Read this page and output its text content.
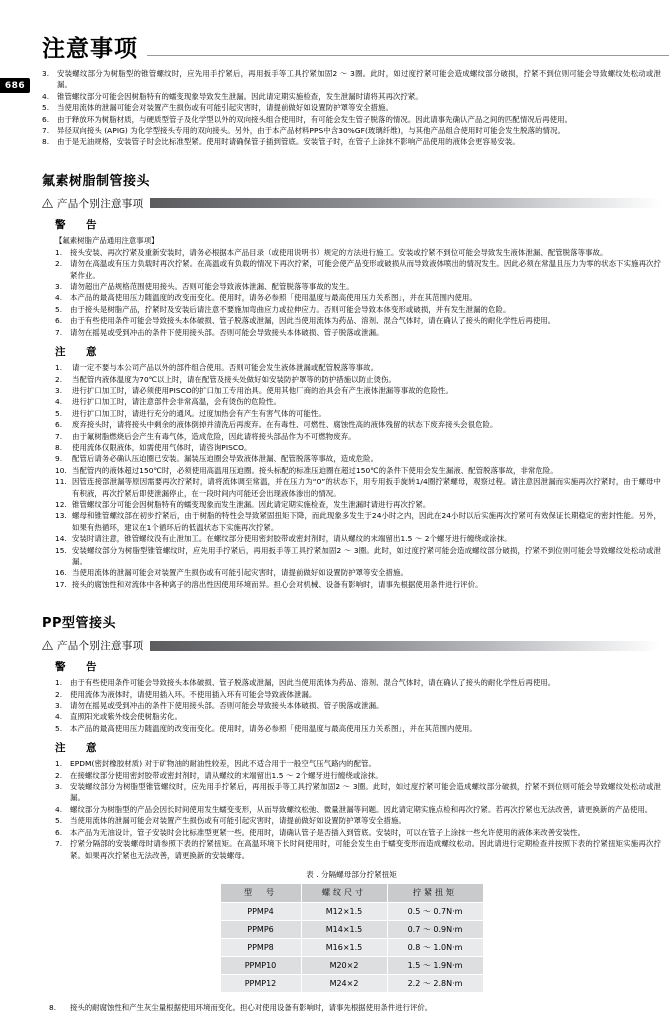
686
注意事项
3.	安装螺纹部分为树脂型的锥管螺纹时，应先用手拧紧后，再用扳手等工具拧紧加固2 ～ 3圈。此时，如过度拧紧可能会造成螺纹部分破损，拧紧不到位则可能会导致螺纹处松动或泄漏。
4.	锥管螺纹部分可能会因树脂特有的蠕变现象导致发生泄漏。因此请定期实施检查，发生泄漏时请将其再次拧紧。
5.	当使用流体的泄漏可能会对装置产生损伤或有可能引起灾害时，请提前做好如设置防护罩等安全措施。
6.	由于释放环为树脂材质，与硬质型管子及化学型以外的双向接头组合使用时，有可能会发生管子脱落的情况。因此请事先确认产品之间的匹配情况后再使用。
7.	异径双向接头 (APIG) 为化学型接头专用的双向接头。另外，由于本产品材料PPS中含30%GF(玻璃纤维)，与其他产品组合使用时可能会发生脱落的情况。
8.	由于是无油规格，安装管子时会比标准型紧。使用时请确保管子插到管底。安装管子时，在管子上涂抹不影响产品使用的液体会更容易安装。
氟素树脂制管接头
产品个别注意事项
警　告
【氟素树脂产品通用注意事项】
1.	接头安装、再次拧紧及重新安装时，请务必根据本产品目录（或使用说明书）规定的方法进行施工。安装或拧紧不到位可能会导致发生液体泄漏、配管脱落等事故。
2.	请勿在高温或有压力负载时再次拧紧。在高温或有负载的情况下再次拧紧，可能会使产品变形或破损从而导致液体喷出的情况发生。因此必须在常温且压力为零的状态下实施再次拧紧作业。
3.	请勿超出产品规格范围使用接头。否则可能会导致液体泄漏、配管脱落等事故的发生。
4.	本产品的最高使用压力随温度的改变而变化。使用时，请务必参照「使用温度与最高使用压力关系图」，并在其范围内使用。
5.	由于接头是树脂产品，拧紧时及安装后请注意不要施加弯曲应力或拉伸应力。否则可能会导致本体变形或破损，并有发生泄漏的危险。
6.	由于有些使用条件可能会导致接头本体破损、管子脱落或泄漏，因此当使用流体为药品、溶剂、混合气体时，请在确认了接头的耐化学性后再使用。
7.	请勿在摇晃或受到冲击的条件下使用接头部。否则可能会导致接头本体破损、管子脱落或泄漏。
注　意
1.	请一定不要与本公司产品以外的部件组合使用。否则可能会发生液体泄漏或配管脱落等事故。
2.	当配管内液体温度为70℃以上时，请在配管及接头处做好如安装防护罩等的防护措施以防止烫伤。
3.	进行扩口加工时，请必须使用PISCO的扩口加工专用治具。使用其他厂商的治具会有产生液体泄漏等事故的危险性。
4.	进行扩口加工时，请注意部件会非常高温，会有烫伤的危险性。
5.	进行扩口加工时，请进行充分的通风。过度加热会有产生有害气体的可能性。
6.	废弃接头时，请将接头中剩余的液体倒掉并清洗后再废弃。在有毒性、可燃性、腐蚀性高的液体残留的状态下废弃接头会很危险。
7.	由于氟树脂燃烧后会产生有毒气体，造成危险，因此请将接头部品作为不可燃物废弃。
8.	使用流体仅限液体，如需使用气体时，请咨询PISCO。
9.	配管后请务必确认压迫圈已安装。漏装压迫圈会导致液体泄漏、配管脱落等事故，造成危险。
10. 当配管内的液体超过150℃时，必须使用高温用压迫圈。接头标配的标准压迫圈在超过150℃的条件下使用会发生漏液、配管脱落事故，非常危险。
11. 因管连接部泄漏等原因需要再次拧紧时，请将流体调至常温，并在压力为“0”的状态下，用专用扳手旋转1/4圈拧紧螺母，观察过程。请注意因泄漏而实施再次拧紧时，由于螺母中有积液，再次拧紧后即使泄漏停止，在一段时间内可能还会出现液体渗出的情况。
12. 锥管螺纹部分可能会因树脂特有的蠕变现象而发生泄漏。因此请定期实施检查，发生泄漏时请进行再次拧紧。
13. 螺母和锥管螺纹部在初步拧紧后，由于树脂的特性会导致紧固扭矩下降，而此现象多发生于24小时之内，因此在24小时以后实施再次拧紧可有效保证长期稳定的密封性能。另外，如果有热循环，建议在1个循环后的低温状态下实施再次拧紧。
14. 安装时请注意，锥管螺纹没有止泄加工。在螺纹部分使用密封胶带或密封剂时，请从螺纹的末端留出1.5 ～ 2个螺牙进行缠绕或涂抹。
15. 安装螺纹部分为树脂型锥管螺纹时，应先用手拧紧后，再用扳手等工具拧紧加固2 ～ 3圈。此时，如过度拧紧可能会造成螺纹部分破损，拧紧不到位则可能会导致螺纹处松动或泄漏。
16. 当使用流体的泄漏可能会对装置产生损伤或有可能引起灾害时，请提前做好如设置防护罩等安全措施。
17. 接头的腐蚀性和对流体中各种离子的溶出性因使用环境而异。担心会对机械、设备有影响时，请事先根据使用条件进行评价。
PP型管接头
产品个别注意事项
警　告
1.	由于有些使用条件可能会导致接头本体破损、管子脱落或泄漏，因此当使用流体为药品、溶剂、混合气体时，请在确认了接头的耐化学性后再使用。
2.	使用流体为液体时，请使用插入环。不使用插入环有可能会导致液体泄漏。
3.	请勿在摇晃或受到冲击的条件下使用接头部。否则可能会导致接头本体破损、管子脱落或泄漏。
4.	直照阳光或紫外线会使树脂劣化。
5.	本产品的最高使用压力随温度的改变而变化。使用时，请务必参照「使用温度与最高使用压力关系图」，并在其范围内使用。
注　意
1.	EPDM(密封橡胶材质) 对于矿物油的耐油性较差，因此不适合用于一般空气压气路内的配管。
2.	在接螺纹部分使用密封胶带或密封剂时，请从螺纹的末端留出1.5 ～ 2个螺牙进行缠绕或涂抹。
3.	安装螺纹部分为树脂型锥管螺纹时，应先用手拧紧后，再用扳手等工具拧紧加固2 ～ 3圈。此时，如过度拧紧可能会造成螺纹部分破损，拧紧不到位则可能会导致螺纹处松动或泄漏。
4.	螺纹部分为树脂型的产品会因长时间使用发生蠕变变形，从而导致螺纹松弛、微量泄漏等问题。因此请定期实施点检和再次拧紧。若再次拧紧也无法改善，请更换新的产品使用。
5.	当使用流体的泄漏可能会对装置产生损伤或有可能引起灾害时，请提前做好如设置防护罩等安全措施。
6.	本产品为无油设计，管子安装时会比标准型更紧一些。使用时，请确认管子是否插入到管底。安装时，可以在管子上涂抹一些允许使用的液体来改善安装性。
7.	拧紧分隔部的安装螺母时请参照下表的拧紧扭矩。在高温环境下长时间使用时，可能会发生由于蠕变变形而造成螺纹松动。因此请进行定期检查并按照下表的拧紧扭矩实施再次拧紧。如果再次拧紧也无法改善，请更换新的安装螺母。
表 . 分隔螺母部分拧紧扭矩
型　号	螺纹尺寸	拧紧扭矩
PPMP4	M12×1.5	0.5 ～ 0.7N·m
PPMP6	M14×1.5	0.7 ～ 0.9N·m
PPMP8	M16×1.5	0.8 ～ 1.0N·m
PPMP10	M20×2	1.5 ～ 1.9N·m
PPMP12	M24×2	2.2 ～ 2.8N·m
8. 接头的耐腐蚀性和产生灰尘量根据使用环境而变化。担心对使用设备有影响时，请事先根据使用条件进行评价。
